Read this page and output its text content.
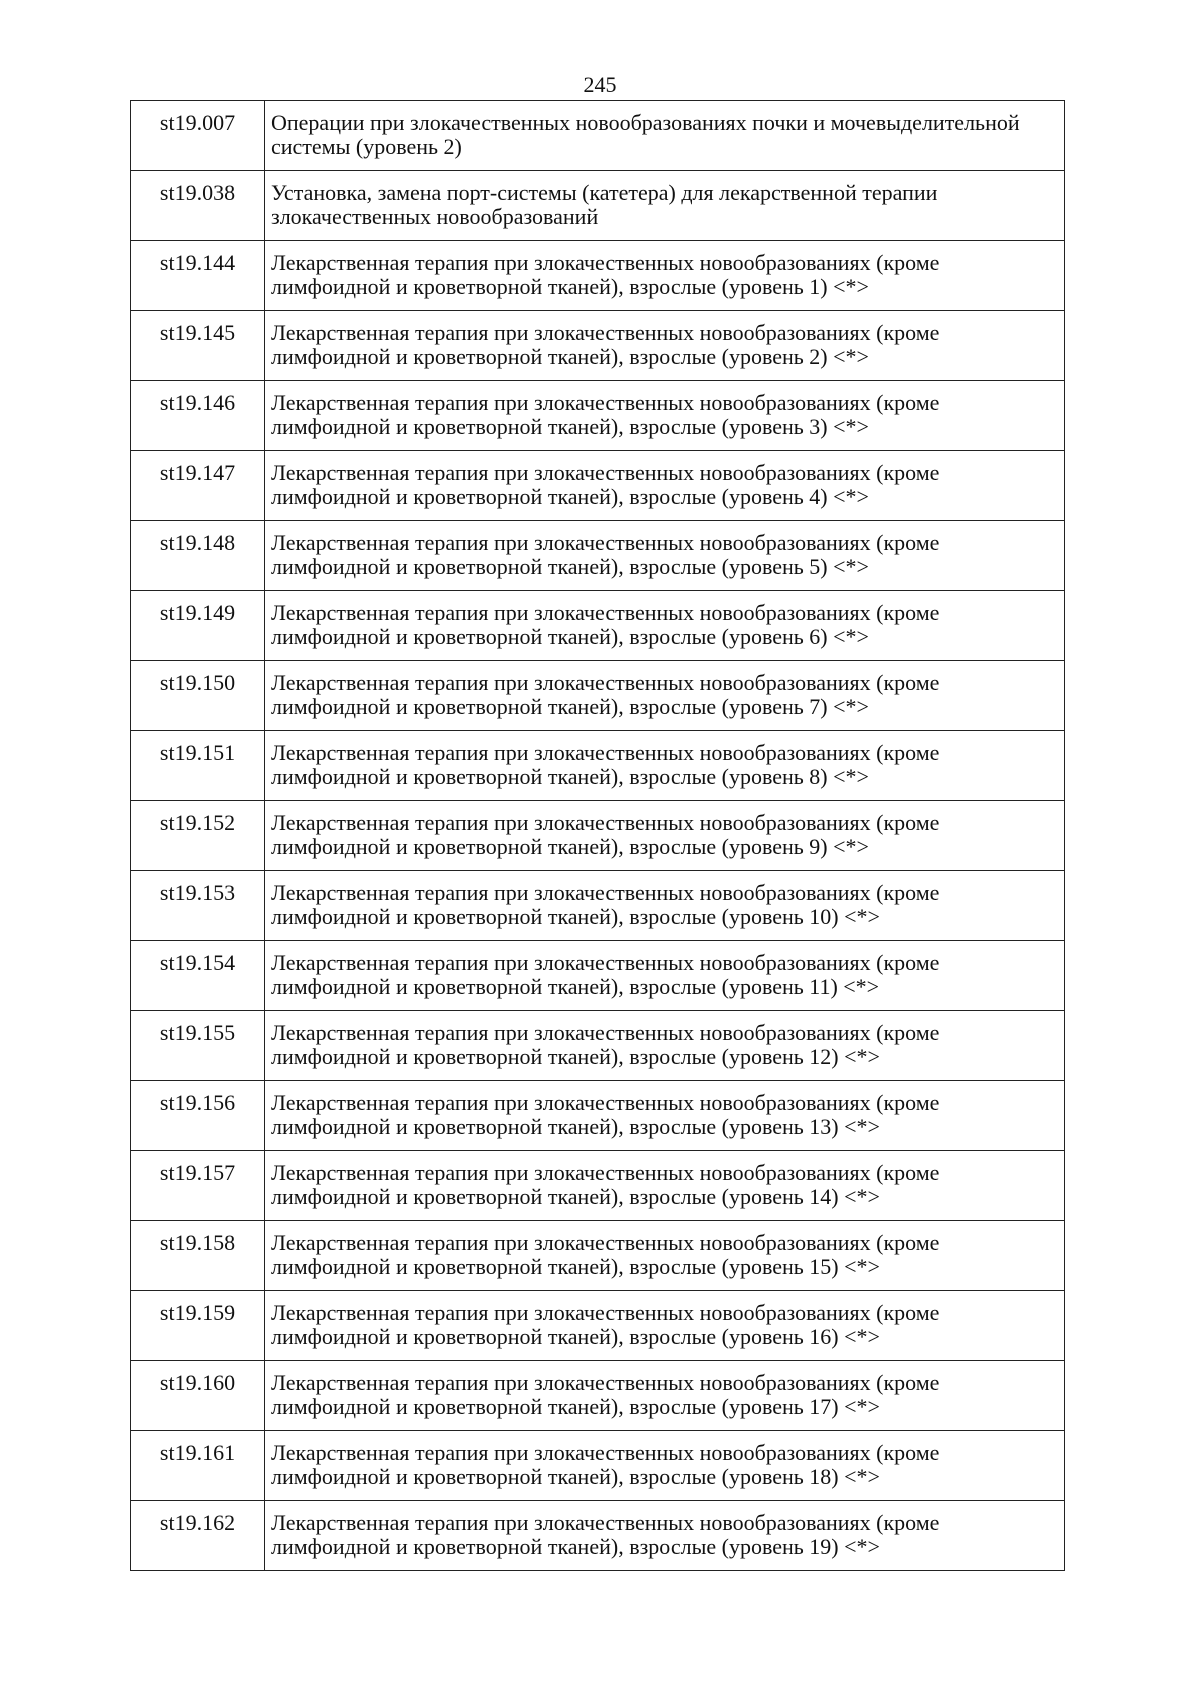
245
st19.007	Операции при злокачественных новообразованиях почки и мочевыделительной системы (уровень 2)
st19.038	Установка, замена порт-системы (катетера) для лекарственной терапии злокачественных новообразований
st19.144	Лекарственная терапия при злокачественных новообразованиях (кроме лимфоидной и кроветворной тканей), взрослые (уровень 1) <*>
st19.145	Лекарственная терапия при злокачественных новообразованиях (кроме лимфоидной и кроветворной тканей), взрослые (уровень 2) <*>
st19.146	Лекарственная терапия при злокачественных новообразованиях (кроме лимфоидной и кроветворной тканей), взрослые (уровень 3) <*>
st19.147	Лекарственная терапия при злокачественных новообразованиях (кроме лимфоидной и кроветворной тканей), взрослые (уровень 4) <*>
st19.148	Лекарственная терапия при злокачественных новообразованиях (кроме лимфоидной и кроветворной тканей), взрослые (уровень 5) <*>
st19.149	Лекарственная терапия при злокачественных новообразованиях (кроме лимфоидной и кроветворной тканей), взрослые (уровень 6) <*>
st19.150	Лекарственная терапия при злокачественных новообразованиях (кроме лимфоидной и кроветворной тканей), взрослые (уровень 7) <*>
st19.151	Лекарственная терапия при злокачественных новообразованиях (кроме лимфоидной и кроветворной тканей), взрослые (уровень 8) <*>
st19.152	Лекарственная терапия при злокачественных новообразованиях (кроме лимфоидной и кроветворной тканей), взрослые (уровень 9) <*>
st19.153	Лекарственная терапия при злокачественных новообразованиях (кроме лимфоидной и кроветворной тканей), взрослые (уровень 10) <*>
st19.154	Лекарственная терапия при злокачественных новообразованиях (кроме лимфоидной и кроветворной тканей), взрослые (уровень 11) <*>
st19.155	Лекарственная терапия при злокачественных новообразованиях (кроме лимфоидной и кроветворной тканей), взрослые (уровень 12) <*>
st19.156	Лекарственная терапия при злокачественных новообразованиях (кроме лимфоидной и кроветворной тканей), взрослые (уровень 13) <*>
st19.157	Лекарственная терапия при злокачественных новообразованиях (кроме лимфоидной и кроветворной тканей), взрослые (уровень 14) <*>
st19.158	Лекарственная терапия при злокачественных новообразованиях (кроме лимфоидной и кроветворной тканей), взрослые (уровень 15) <*>
st19.159	Лекарственная терапия при злокачественных новообразованиях (кроме лимфоидной и кроветворной тканей), взрослые (уровень 16) <*>
st19.160	Лекарственная терапия при злокачественных новообразованиях (кроме лимфоидной и кроветворной тканей), взрослые (уровень 17) <*>
st19.161	Лекарственная терапия при злокачественных новообразованиях (кроме лимфоидной и кроветворной тканей), взрослые (уровень 18) <*>
st19.162	Лекарственная терапия при злокачественных новообразованиях (кроме лимфоидной и кроветворной тканей), взрослые (уровень 19) <*>
